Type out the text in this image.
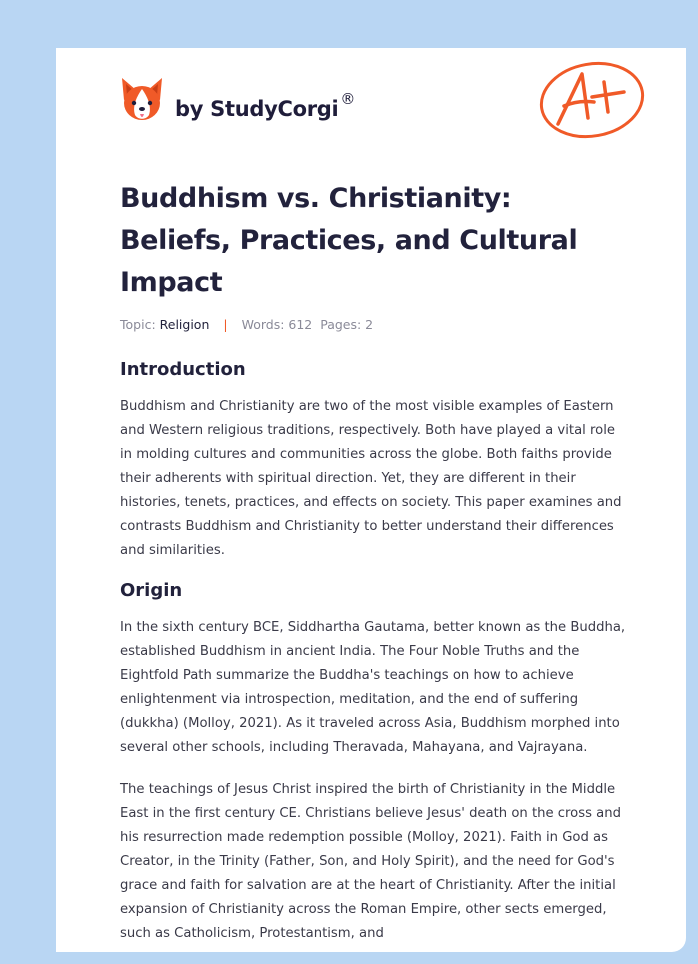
by StudyCorgi ®
Buddhism vs. Christianity: Beliefs, Practices, and Cultural Impact
Topic: Religion | Words: 612 Pages: 2
Introduction

Buddhism and Christianity are two of the most visible examples of Eastern and Western religious traditions, respectively. Both have played a vital role in molding cultures and communities across the globe. Both faiths provide their adherents with spiritual direction. Yet, they are different in their histories, tenets, practices, and effects on society. This paper examines and contrasts Buddhism and Christianity to better understand their differences and similarities.

Origin

In the sixth century BCE, Siddhartha Gautama, better known as the Buddha, established Buddhism in ancient India. The Four Noble Truths and the Eightfold Path summarize the Buddha's teachings on how to achieve enlightenment via introspection, meditation, and the end of suffering (dukkha) (Molloy, 2021). As it traveled across Asia, Buddhism morphed into several other schools, including Theravada, Mahayana, and Vajrayana.

The teachings of Jesus Christ inspired the birth of Christianity in the Middle East in the first century CE. Christians believe Jesus' death on the cross and his resurrection made redemption possible (Molloy, 2021). Faith in God as Creator, in the Trinity (Father, Son, and Holy Spirit), and the need for God's grace and faith for salvation are at the heart of Christianity. After the initial expansion of Christianity across the Roman Empire, other sects emerged, such as Catholicism, Protestantism, and
